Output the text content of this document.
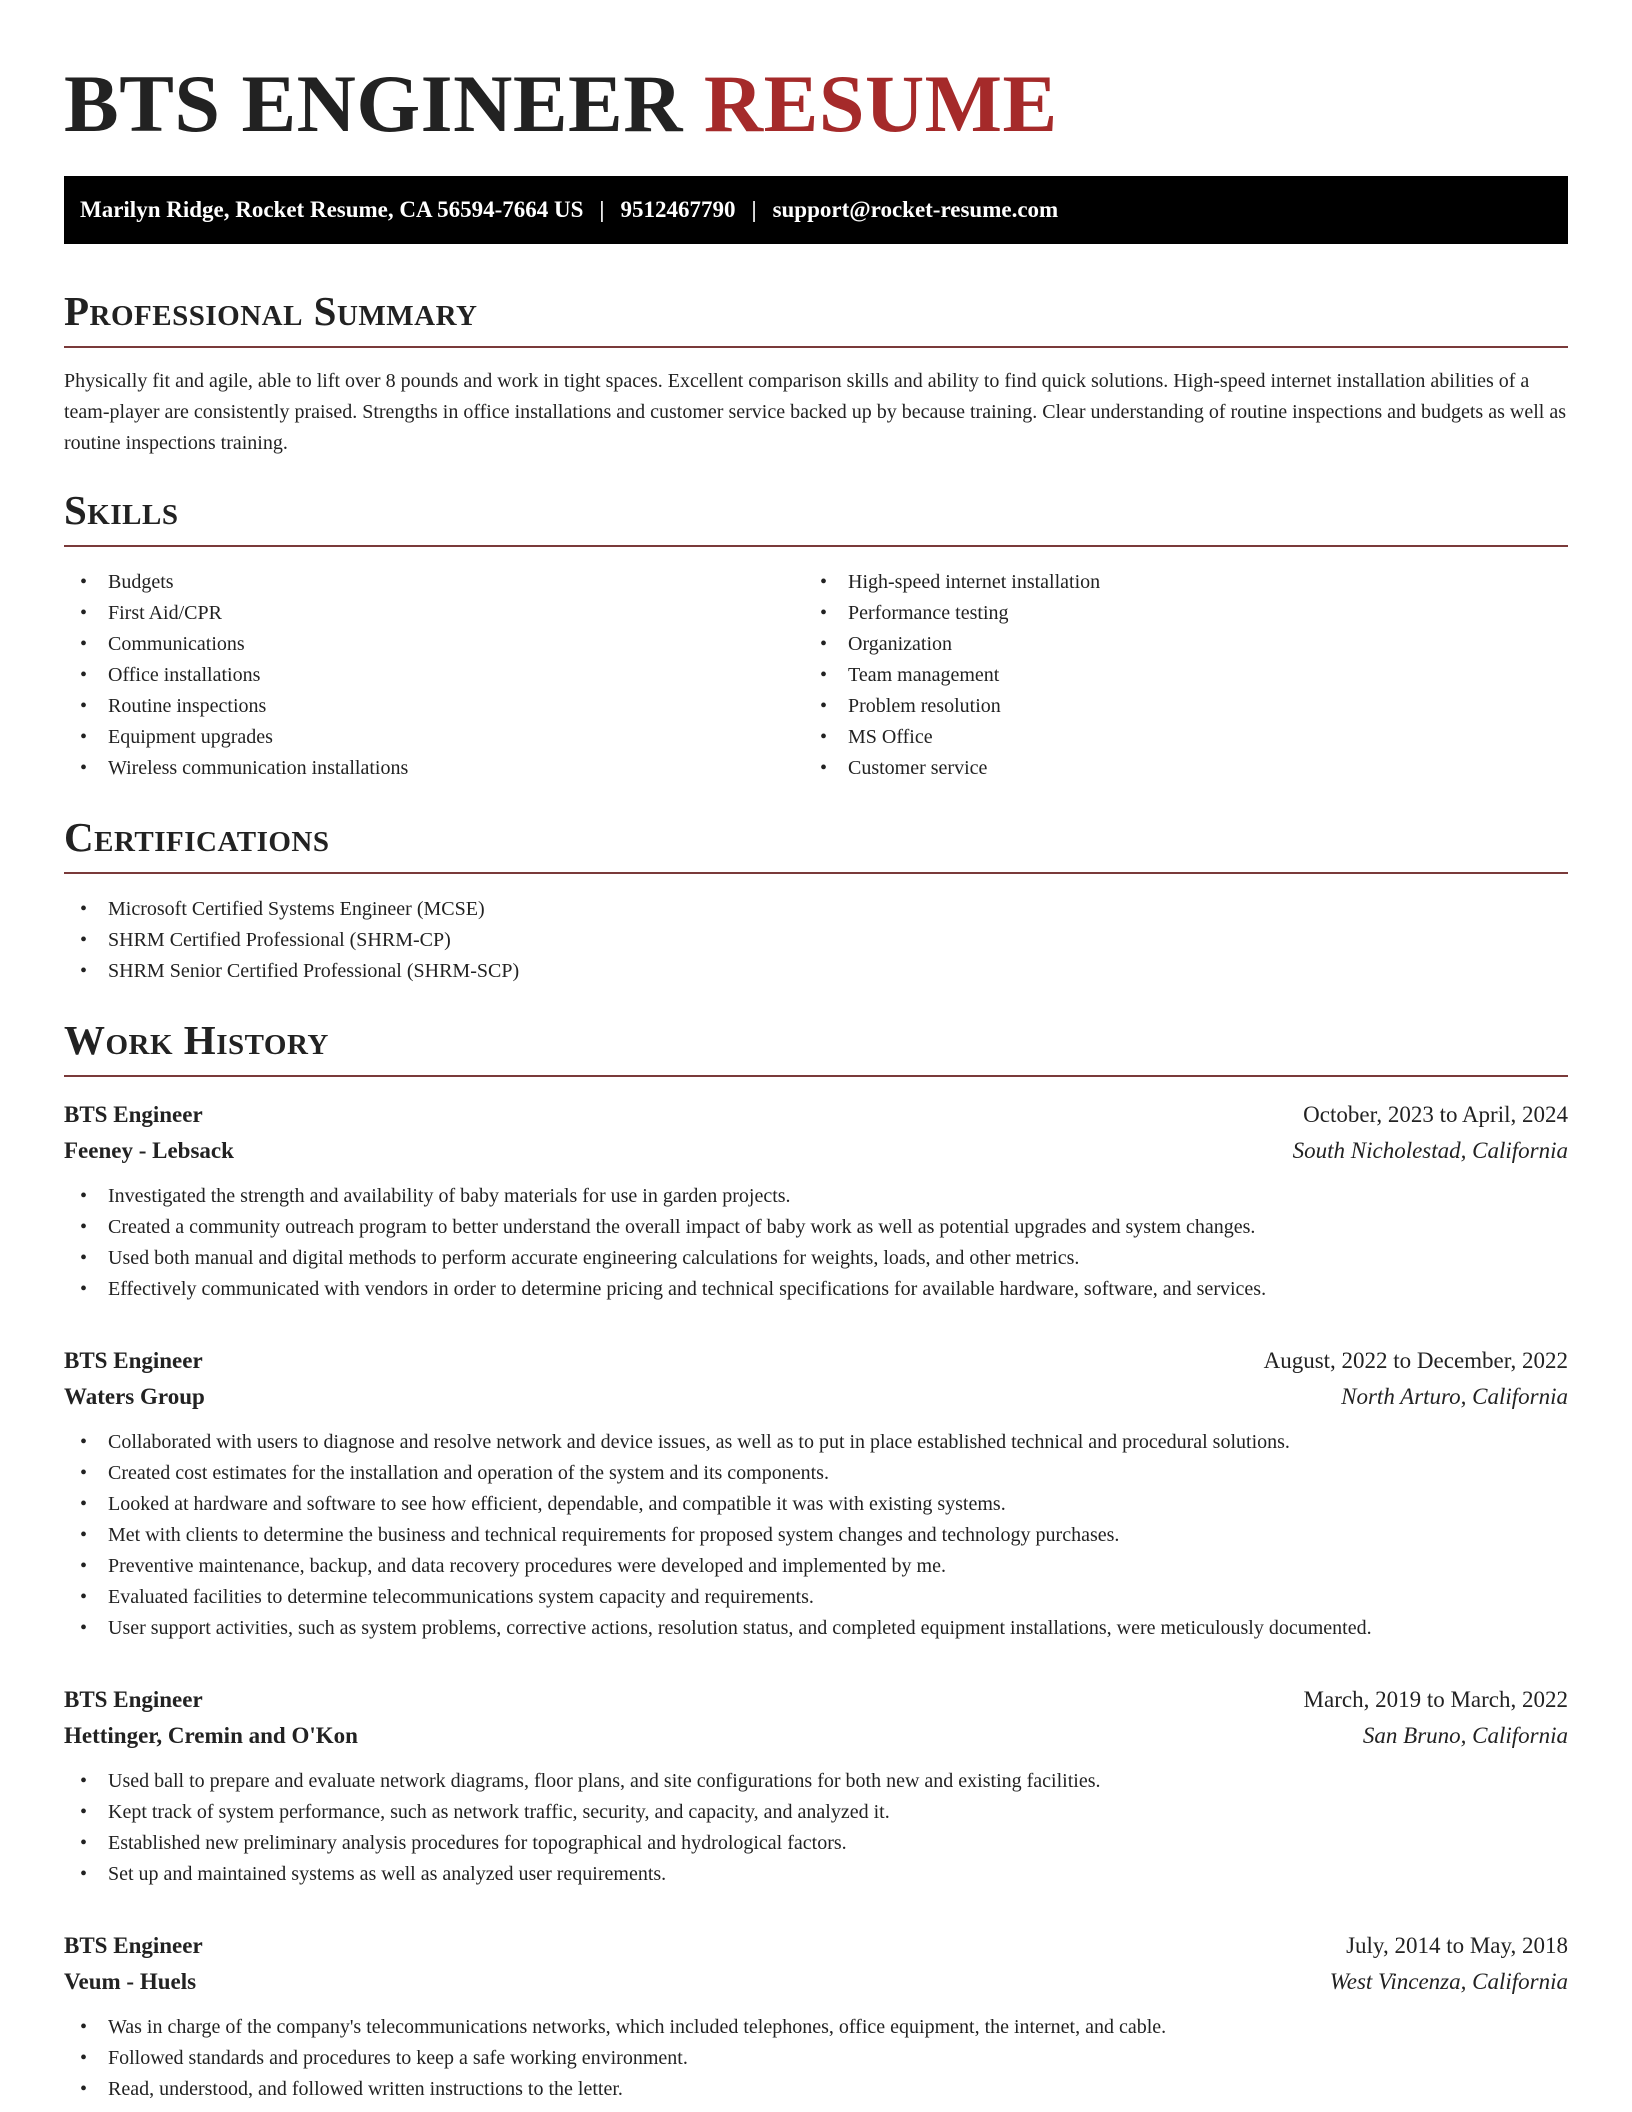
BTS ENGINEER RESUME
Marilyn Ridge, Rocket Resume, CA 56594-7664 US | 9512467790 | support@rocket-resume.com
Professional Summary

Physically fit and agile, able to lift over 8 pounds and work in tight spaces. Excellent comparison skills and ability to find quick solutions. High-speed internet installation abilities of a team-player are consistently praised. Strengths in office installations and customer service backed up by because training. Clear understanding of routine inspections and budgets as well as routine inspections training.

Skills
• Budgets
• First Aid/CPR
• Communications
• Office installations
• Routine inspections
• Equipment upgrades
• Wireless communication installations
• High-speed internet installation
• Performance testing
• Organization
• Team management
• Problem resolution
• MS Office
• Customer service
Certifications
• Microsoft Certified Systems Engineer (MCSE)
• SHRM Certified Professional (SHRM-CP)
• SHRM Senior Certified Professional (SHRM-SCP)
Work History
BTS Engineer	October, 2023 to April, 2024
Feeney - Lebsack	South Nicholestad, California
• Investigated the strength and availability of baby materials for use in garden projects.
• Created a community outreach program to better understand the overall impact of baby work as well as potential upgrades and system changes.
• Used both manual and digital methods to perform accurate engineering calculations for weights, loads, and other metrics.
• Effectively communicated with vendors in order to determine pricing and technical specifications for available hardware, software, and services.
BTS Engineer	August, 2022 to December, 2022
Waters Group	North Arturo, California
• Collaborated with users to diagnose and resolve network and device issues, as well as to put in place established technical and procedural solutions.
• Created cost estimates for the installation and operation of the system and its components.
• Looked at hardware and software to see how efficient, dependable, and compatible it was with existing systems.
• Met with clients to determine the business and technical requirements for proposed system changes and technology purchases.
• Preventive maintenance, backup, and data recovery procedures were developed and implemented by me.
• Evaluated facilities to determine telecommunications system capacity and requirements.
• User support activities, such as system problems, corrective actions, resolution status, and completed equipment installations, were meticulously documented.
BTS Engineer	March, 2019 to March, 2022
Hettinger, Cremin and O'Kon	San Bruno, California
• Used ball to prepare and evaluate network diagrams, floor plans, and site configurations for both new and existing facilities.
• Kept track of system performance, such as network traffic, security, and capacity, and analyzed it.
• Established new preliminary analysis procedures for topographical and hydrological factors.
• Set up and maintained systems as well as analyzed user requirements.
BTS Engineer	July, 2014 to May, 2018
Veum - Huels	West Vincenza, California
• Was in charge of the company's telecommunications networks, which included telephones, office equipment, the internet, and cable.
• Followed standards and procedures to keep a safe working environment.
• Read, understood, and followed written instructions to the letter.
